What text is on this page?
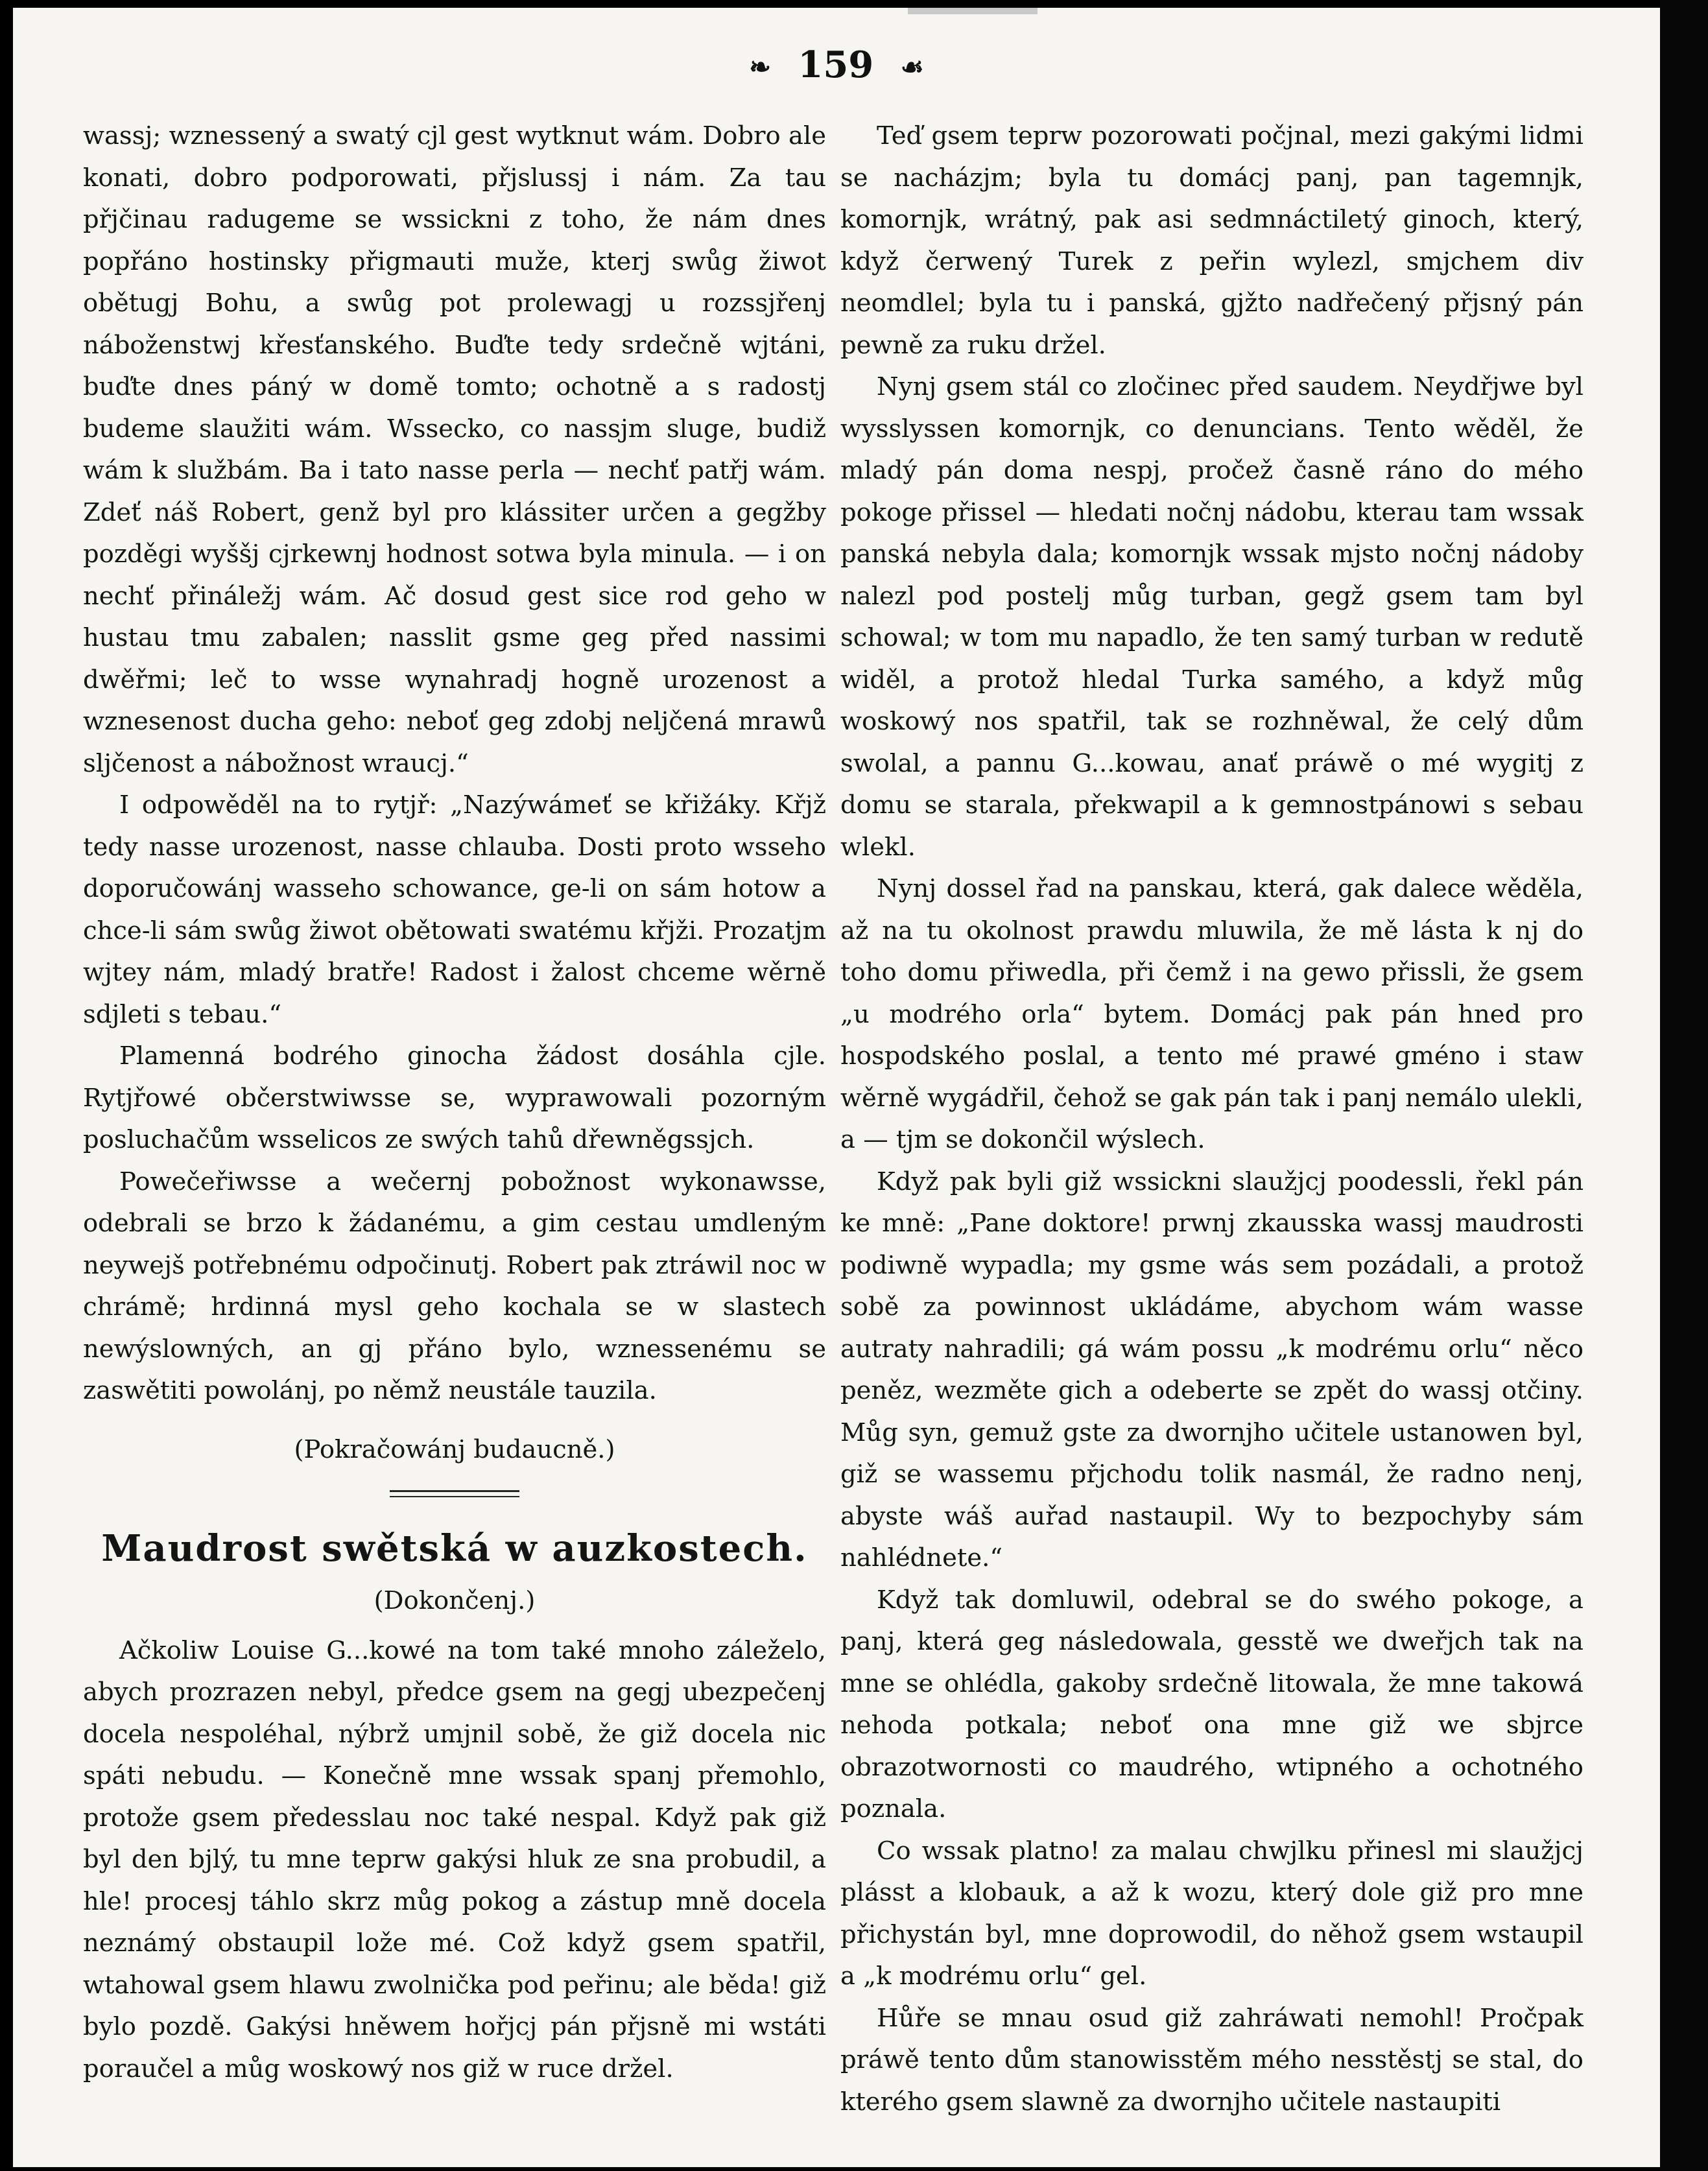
❧ 159 ☙

wassj; wznessený a swatý cjl gest wytknut wám. Dobro ale konati, dobro podporowati, přjslussj i nám. Za tau přjčinau radugeme se wssickni z toho, že nám dnes popřáno hostinsky přigmauti muže, kterj swůg žiwot obětugj Bohu, a swůg pot prolewagj u rozssjřenj náboženstwj křesťanského. Buďte tedy srdečně wjtáni, buďte dnes páný w domě tomto; ochotně a s radostj budeme slaužiti wám. Wssecko, co nassjm sluge, budiž wám k službám. Ba i tato nasse perla — nechť patřj wám. Zdeť náš Robert, genž byl pro klássiter určen a gegžby pozděgi wyššj cjrkewnj hodnost sotwa byla minula. — i on nechť přináležj wám. Ač dosud gest sice rod geho w hustau tmu zabalen; nasslit gsme geg před nassimi dwěřmi; leč to wsse wynahradj hogně urozenost a wznesenost ducha geho: neboť geg zdobj neljčená mrawů sljčenost a nábožnost wraucj.“

I odpowěděl na to rytjř: „Nazýwámeť se křižáky. Křjž tedy nasse urozenost, nasse chlauba. Dosti proto wsseho doporučowánj wasseho schowance, ge-li on sám hotow a chce-li sám swůg žiwot obětowati swatému křjži. Prozatjm wjtey nám, mladý bratře! Radost i žalost chceme wěrně sdjleti s tebau.“

Plamenná bodrého ginocha žádost dosáhla cjle. Rytjřowé občerstwiwsse se, wyprawowali pozorným posluchačům wsselicos ze swých tahů dřewněgssjch.

Powečeřiwsse a wečernj pobožnost wykonawsse, odebrali se brzo k žádanému, a gim cestau umdleným neywejš potřebnému odpočinutj. Robert pak ztráwil noc w chrámě; hrdinná mysl geho kochala se w slastech newýslowných, an gj přáno bylo, wznessenému se zaswětiti powolánj, po němž neustále tauzila.

(Pokračowánj budaucně.)
Maudrost swětská w auzkostech.
(Dokončenj.)

Ačkoliw Louise G...kowé na tom také mnoho záleželo, abych prozrazen nebyl, předce gsem na gegj ubezpečenj docela nespoléhal, nýbrž umjnil sobě, že giž docela nic spáti nebudu. — Konečně mne wssak spanj přemohlo, protože gsem předesslau noc také nespal. Když pak giž byl den bjlý, tu mne teprw gakýsi hluk ze sna probudil, a hle! procesj táhlo skrz můg pokog a zástup mně docela neznámý obstaupil lože mé. Což když gsem spatřil, wtahowal gsem hlawu zwolnička pod peřinu; ale běda! giž bylo pozdě. Gakýsi hněwem hořjcj pán přjsně mi wstáti poraučel a můg woskowý nos giž w ruce držel.

Teď gsem teprw pozorowati počjnal, mezi gakými lidmi se nacházjm; byla tu domácj panj, pan tagemnjk, komornjk, wrátný, pak asi sedmnáctiletý ginoch, který, když čerwený Turek z peřin wylezl, smjchem div neomdlel; byla tu i panská, gjžto nadřečený přjsný pán pewně za ruku držel.

Nynj gsem stál co zločinec před saudem. Neydřjwe byl wysslyssen komornjk, co denuncians. Tento wěděl, že mladý pán doma nespj, pročež časně ráno do mého pokoge přissel — hledati nočnj nádobu, kterau tam wssak panská nebyla dala; komornjk wssak mjsto nočnj nádoby nalezl pod postelj můg turban, gegž gsem tam byl schowal; w tom mu napadlo, že ten samý turban w redutě widěl, a protož hledal Turka samého, a když můg woskowý nos spatřil, tak se rozhněwal, že celý dům swolal, a pannu G...kowau, anať práwě o mé wygitj z domu se starala, překwapil a k gemnostpánowi s sebau wlekl.

Nynj dossel řad na panskau, která, gak dalece wěděla, až na tu okolnost prawdu mluwila, že mě lásta k nj do toho domu přiwedla, při čemž i na gewo přissli, že gsem „u modrého orla“ bytem. Domácj pak pán hned pro hospodského poslal, a tento mé prawé gméno i staw wěrně wygádřil, čehož se gak pán tak i panj nemálo ulekli, a — tjm se dokončil wýslech.

Když pak byli giž wssickni slaužjcj poodessli, řekl pán ke mně: „Pane doktore! prwnj zkausska wassj maudrosti podiwně wypadla; my gsme wás sem pozádali, a protož sobě za powinnost ukládáme, abychom wám wasse autraty nahradili; gá wám possu „k modrému orlu“ něco peněz, wezměte gich a odeberte se zpět do wassj otčiny. Můg syn, gemuž gste za dwornjho učitele ustanowen byl, giž se wassemu přjchodu tolik nasmál, že radno nenj, abyste wáš auřad nastaupil. Wy to bezpochyby sám nahlédnete.“

Když tak domluwil, odebral se do swého pokoge, a panj, která geg následowala, gesstě we dweřjch tak na mne se ohlédla, gakoby srdečně litowala, že mne takowá nehoda potkala; neboť ona mne giž we sbjrce obrazotwornosti co maudrého, wtipného a ochotného poznala.

Co wssak platno! za malau chwjlku přinesl mi slaužjcj plásst a klobauk, a až k wozu, který dole giž pro mne přichystán byl, mne doprowodil, do něhož gsem wstaupil a „k modrému orlu“ gel.

Hůře se mnau osud giž zahráwati nemohl! Pročpak práwě tento dům stanowisstěm mého nesstěstj se stal, do kterého gsem slawně za dwornjho učitele nastaupiti
